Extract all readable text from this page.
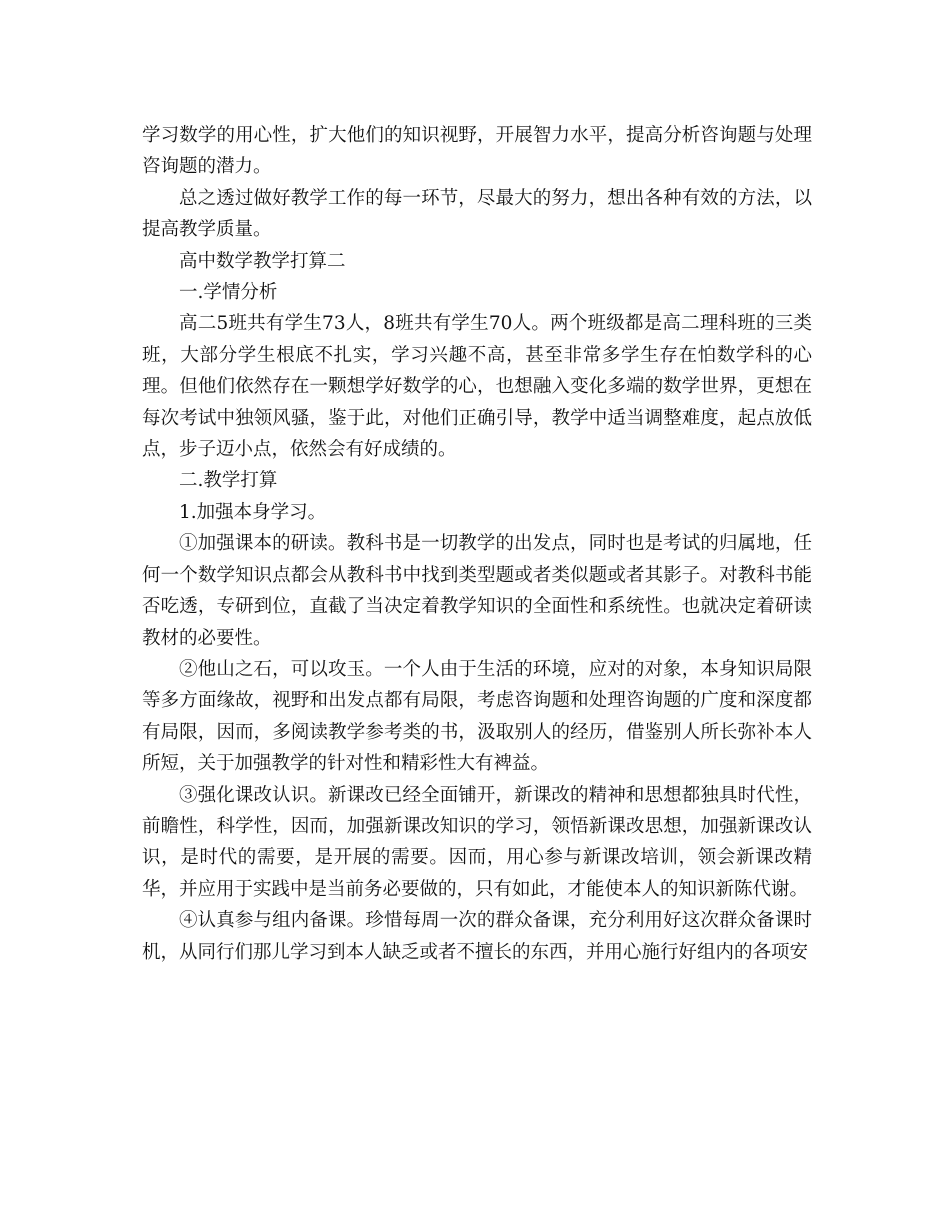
学习数学的用心性，扩大他们的知识视野，开展智力水平，提高分析咨询题与处理咨询题的潜力。

总之透过做好教学工作的每一环节，尽最大的努力，想出各种有效的方法，以提高教学质量。

高中数学教学打算二

一.学情分析

高二5班共有学生73人，8班共有学生70人。两个班级都是高二理科班的三类班，大部分学生根底不扎实，学习兴趣不高，甚至非常多学生存在怕数学科的心理。但他们依然存在一颗想学好数学的心，也想融入变化多端的数学世界，更想在每次考试中独领风骚，鉴于此，对他们正确引导，教学中适当调整难度，起点放低点，步子迈小点，依然会有好成绩的。

二.教学打算

1.加强本身学习。

①加强课本的研读。教科书是一切教学的出发点，同时也是考试的归属地，任何一个数学知识点都会从教科书中找到类型题或者类似题或者其影子。对教科书能否吃透，专研到位，直截了当决定着教学知识的全面性和系统性。也就决定着研读教材的必要性。

②他山之石，可以攻玉。一个人由于生活的环境，应对的对象，本身知识局限等多方面缘故，视野和出发点都有局限，考虑咨询题和处理咨询题的广度和深度都有局限，因而，多阅读教学参考类的书，汲取别人的经历，借鉴别人所长弥补本人所短，关于加强教学的针对性和精彩性大有裨益。

③强化课改认识。新课改已经全面铺开，新课改的精神和思想都独具时代性，前瞻性，科学性，因而，加强新课改知识的学习，领悟新课改思想，加强新课改认识，是时代的需要，是开展的需要。因而，用心参与新课改培训，领会新课改精华，并应用于实践中是当前务必要做的，只有如此，才能使本人的知识新陈代谢。

④认真参与组内备课。珍惜每周一次的群众备课，充分利用好这次群众备课时机，从同行们那儿学习到本人缺乏或者不擅长的东西，并用心施行好组内的各项安
